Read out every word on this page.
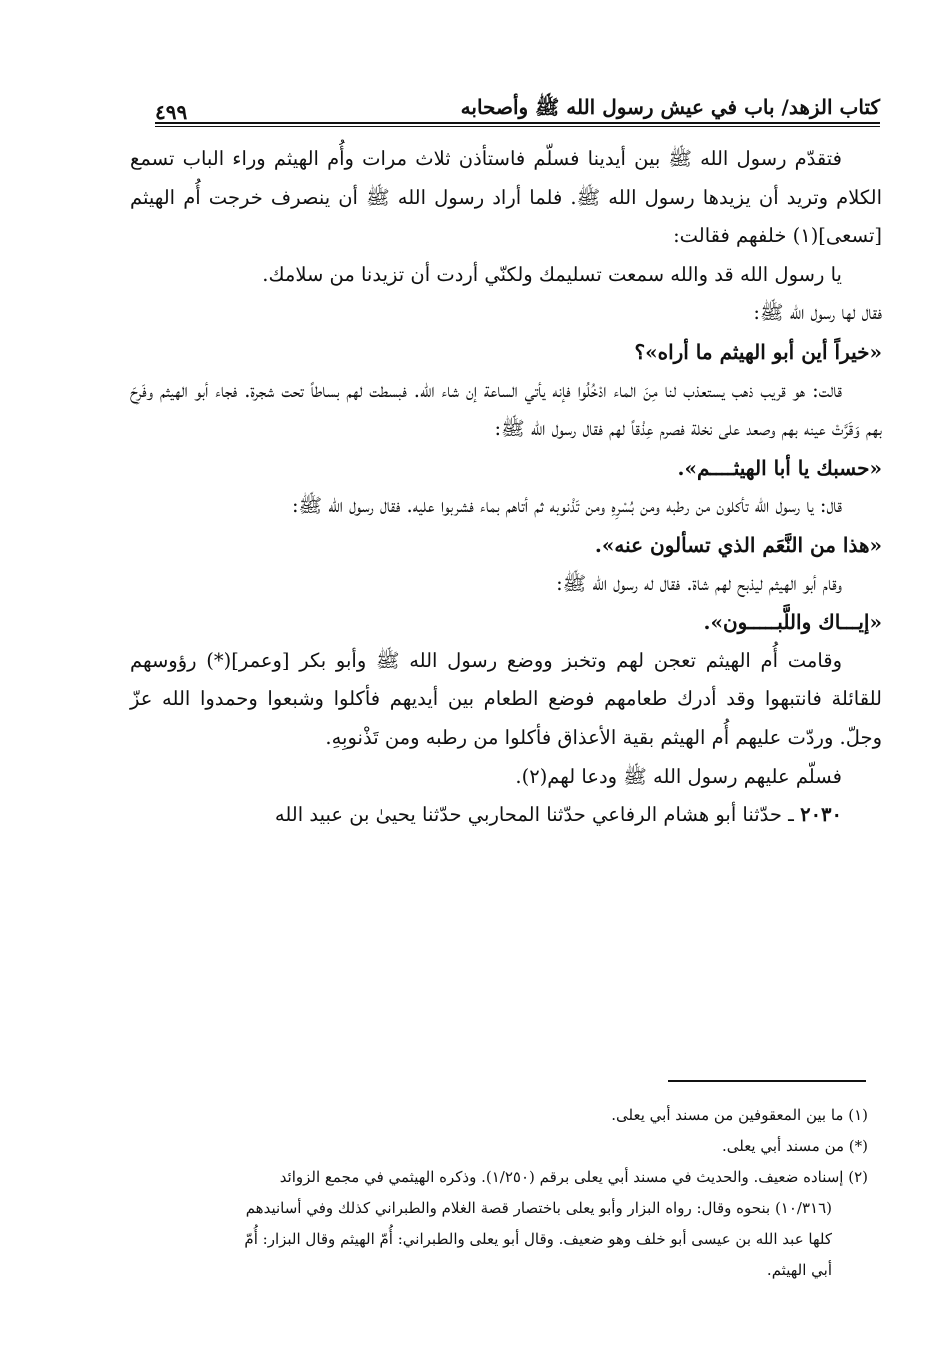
كتاب الزهد/ باب في عيش رسول الله ﷺ وأصحابه
٤٩٩

فتقدّم رسول الله ﷺ بين أيدينا فسلّم فاستأذن ثلاث مرات وأُم الهيثم وراء الباب تسمع الكلام وتريد أن يزيدها رسول الله ﷺ. فلما أراد رسول الله ﷺ أن ينصرف خرجت أُم الهيثم [تسعى](١) خلفهم فقالت:

يا رسول الله قد والله سمعت تسليمك ولكنّي أردت أن تزيدنا من سلامك.

فقال لها رسول الله ﷺ:

«خيراً أين أبو الهيثم ما أراه»؟

قالت: هو قريب ذهب يستعذب لنا مِنَ الماء ادْخُلُوا فإنه يأتي الساعة إن شاء الله. فبسطت لهم بساطاً تحت شجرة. فجاء أبو الهيثم وفَرِحَ بهم وَقَرَّتْ عينه بهم وصعد على نخلة فصرم عِذْقاً لهم فقال رسول الله ﷺ:

«حسبك يا أبا الهيثــــم».

قال: يا رسول الله تأكلون من رطبه ومن بُسْرِهِ ومن تَذْنوبه ثم أتاهم بماء فشربوا عليه. فقال رسول الله ﷺ:

«هذا من النَّعَم الذي تسألون عنه».

وقام أبو الهيثم ليذبح لهم شاة. فقال له رسول الله ﷺ:

«إيـــاك واللَّبـــــون».

وقامت أُم الهيثم تعجن لهم وتخبز ووضع رسول الله ﷺ وأبو بكر [وعمر](*) رؤوسهم للقائلة فانتبهوا وقد أدرك طعامهم فوضع الطعام بين أيديهم فأكلوا وشبعوا وحمدوا الله عزّ وجلّ. وردّت عليهم أُم الهيثم بقية الأعذاق فأكلوا من رطبه ومن تَذْنوبِهِ.

فسلّم عليهم رسول الله ﷺ ودعا لهم(٢).

٢٠٣٠ ـ حدّثنا أبو هشام الرفاعي حدّثنا المحاربي حدّثنا يحيىٰ بن عبيد الله

(١) ما بين المعقوفين من مسند أبي يعلى.

(*) من مسند أبي يعلى.

(٢) إسناده ضعيف. والحديث في مسند أبي يعلى برقم (١/٢٥٠). وذكره الهيثمي في مجمع الزوائد

(١٠/٣١٦) بنحوه وقال: رواه البزار وأبو يعلى باختصار قصة الغلام والطبراني كذلك وفي أسانيدهم

كلها عبد الله بن عيسى أبو خلف وهو ضعيف. وقال أبو يعلى والطبراني: أُمّ الهيثم وقال البزار: أُمّ

أبي الهيثم.
